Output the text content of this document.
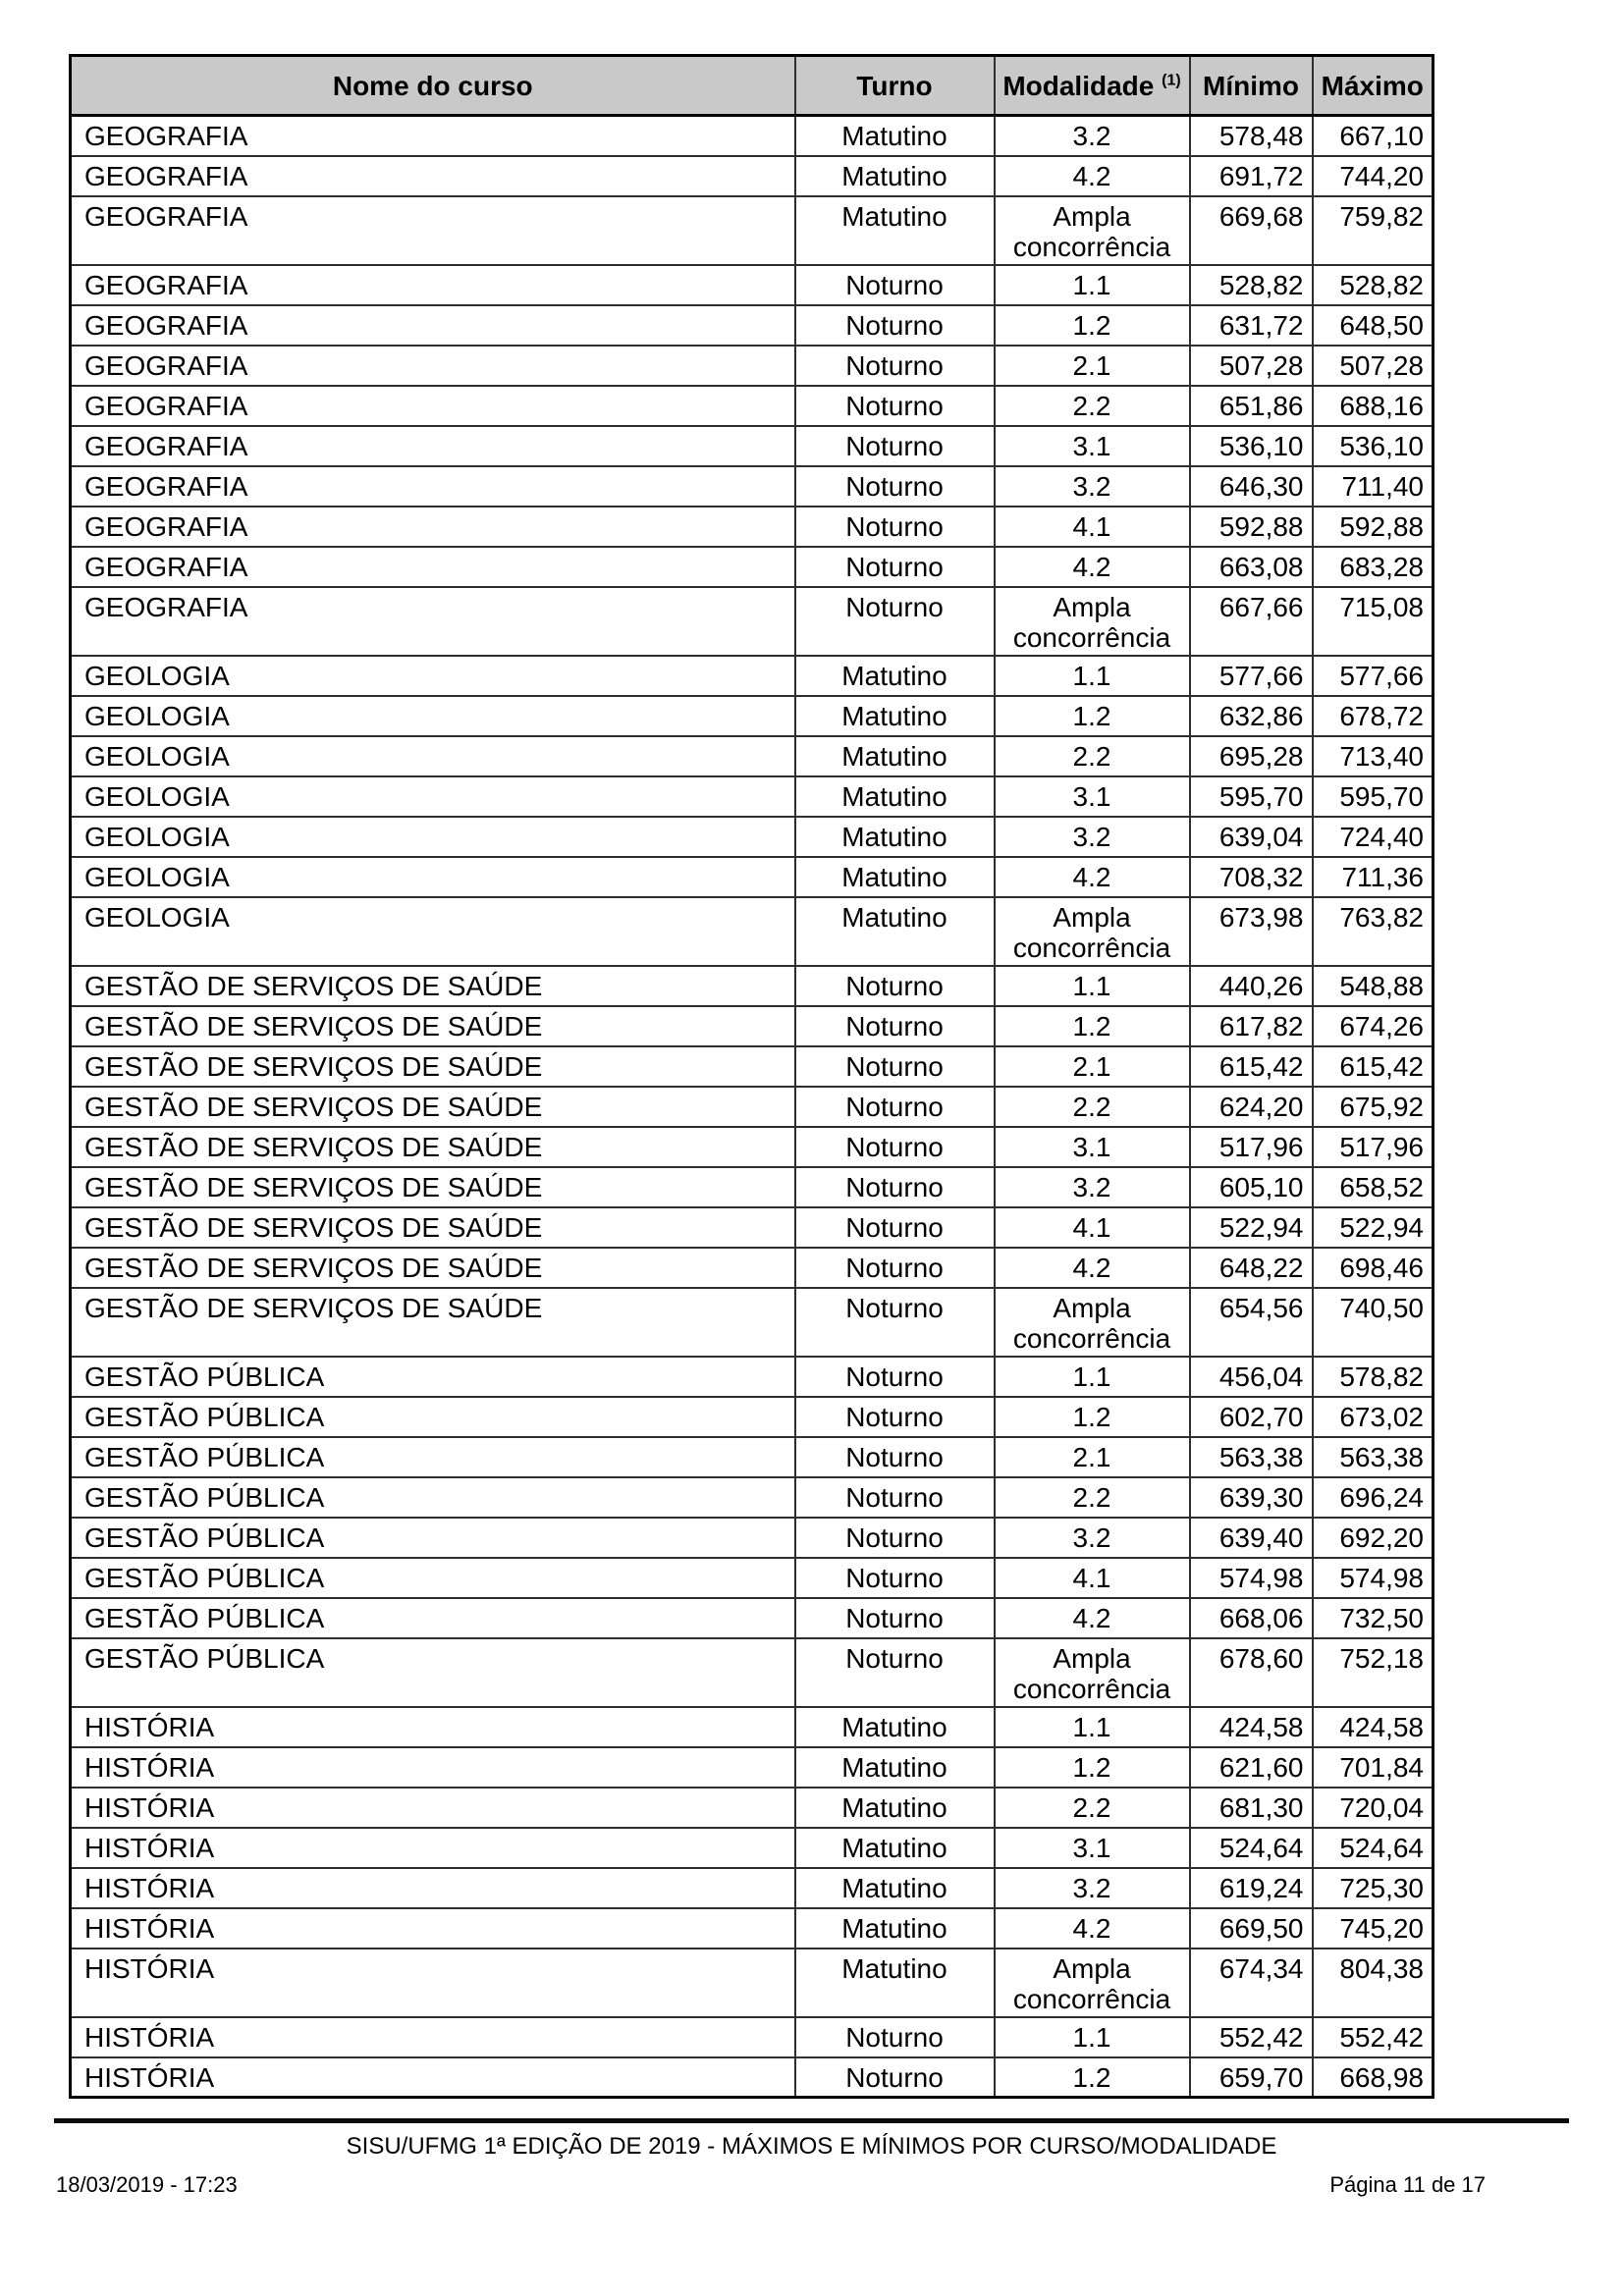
Nome do curso	Turno	Modalidade $^{(1)}$	Mínimo	Máximo
GEOGRAFIA	Matutino	3.2	578,48	667,10
GEOGRAFIA	Matutino	4.2	691,72	744,20
GEOGRAFIA	Matutino	Ampla concorrência	669,68	759,82
GEOGRAFIA	Noturno	1.1	528,82	528,82
GEOGRAFIA	Noturno	1.2	631,72	648,50
GEOGRAFIA	Noturno	2.1	507,28	507,28
GEOGRAFIA	Noturno	2.2	651,86	688,16
GEOGRAFIA	Noturno	3.1	536,10	536,10
GEOGRAFIA	Noturno	3.2	646,30	711,40
GEOGRAFIA	Noturno	4.1	592,88	592,88
GEOGRAFIA	Noturno	4.2	663,08	683,28
GEOGRAFIA	Noturno	Ampla concorrência	667,66	715,08
GEOLOGIA	Matutino	1.1	577,66	577,66
GEOLOGIA	Matutino	1.2	632,86	678,72
GEOLOGIA	Matutino	2.2	695,28	713,40
GEOLOGIA	Matutino	3.1	595,70	595,70
GEOLOGIA	Matutino	3.2	639,04	724,40
GEOLOGIA	Matutino	4.2	708,32	711,36
GEOLOGIA	Matutino	Ampla concorrência	673,98	763,82
GESTÃO DE SERVIÇOS DE SAÚDE	Noturno	1.1	440,26	548,88
GESTÃO DE SERVIÇOS DE SAÚDE	Noturno	1.2	617,82	674,26
GESTÃO DE SERVIÇOS DE SAÚDE	Noturno	2.1	615,42	615,42
GESTÃO DE SERVIÇOS DE SAÚDE	Noturno	2.2	624,20	675,92
GESTÃO DE SERVIÇOS DE SAÚDE	Noturno	3.1	517,96	517,96
GESTÃO DE SERVIÇOS DE SAÚDE	Noturno	3.2	605,10	658,52
GESTÃO DE SERVIÇOS DE SAÚDE	Noturno	4.1	522,94	522,94
GESTÃO DE SERVIÇOS DE SAÚDE	Noturno	4.2	648,22	698,46
GESTÃO DE SERVIÇOS DE SAÚDE	Noturno	Ampla concorrência	654,56	740,50
GESTÃO PÚBLICA	Noturno	1.1	456,04	578,82
GESTÃO PÚBLICA	Noturno	1.2	602,70	673,02
GESTÃO PÚBLICA	Noturno	2.1	563,38	563,38
GESTÃO PÚBLICA	Noturno	2.2	639,30	696,24
GESTÃO PÚBLICA	Noturno	3.2	639,40	692,20
GESTÃO PÚBLICA	Noturno	4.1	574,98	574,98
GESTÃO PÚBLICA	Noturno	4.2	668,06	732,50
GESTÃO PÚBLICA	Noturno	Ampla concorrência	678,60	752,18
HISTÓRIA	Matutino	1.1	424,58	424,58
HISTÓRIA	Matutino	1.2	621,60	701,84
HISTÓRIA	Matutino	2.2	681,30	720,04
HISTÓRIA	Matutino	3.1	524,64	524,64
HISTÓRIA	Matutino	3.2	619,24	725,30
HISTÓRIA	Matutino	4.2	669,50	745,20
HISTÓRIA	Matutino	Ampla concorrência	674,34	804,38
HISTÓRIA	Noturno	1.1	552,42	552,42
HISTÓRIA	Noturno	1.2	659,70	668,98
SISU/UFMG 1ª EDIÇÃO DE 2019 - MÁXIMOS E MÍNIMOS POR CURSO/MODALIDADE
18/03/2019 - 17:23	Página 11 de 17
